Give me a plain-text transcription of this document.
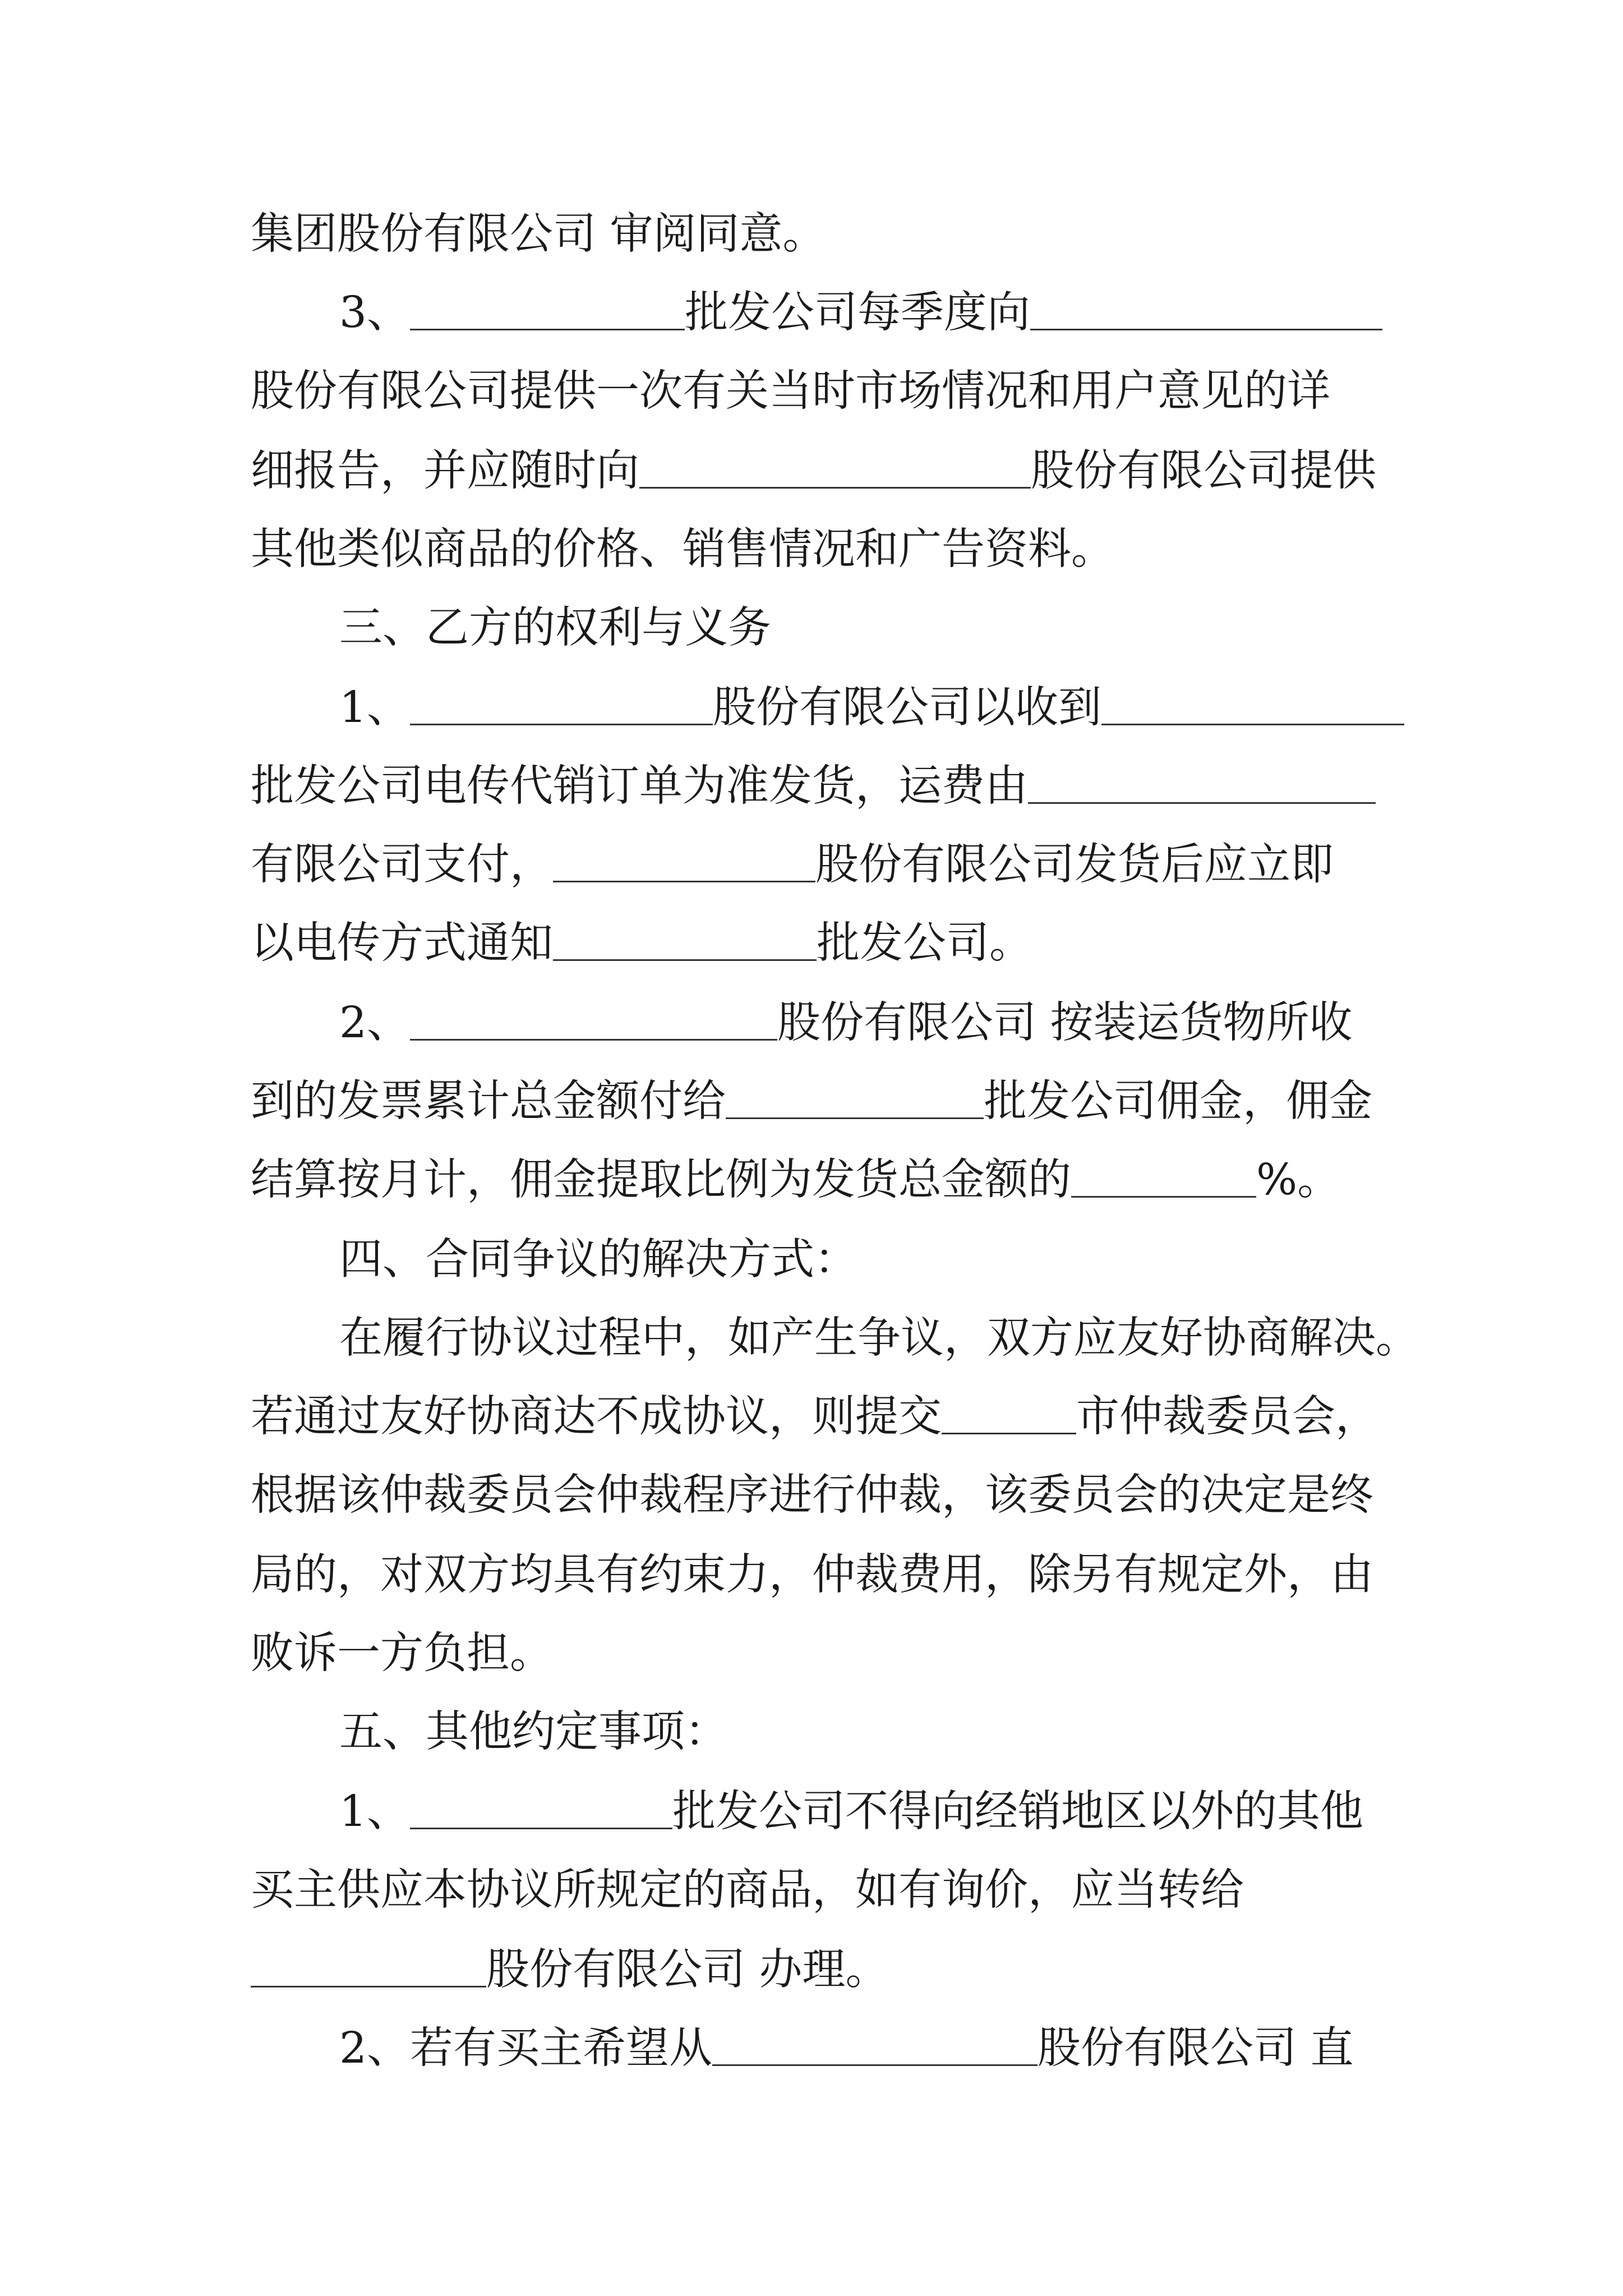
集团股份有限公司 审阅同意。
3、	批发公司每季度向
股份有限公司提供一次有关当时市场情况和用户意见的详
细报告，并应随时向	股份有限公司提供
其他类似商品的价格、销售情况和广告资料。
三、乙方的权利与义务
1、	股份有限公司以收到
批发公司电传代销订单为准发货，运费由
有限公司支付，	股份有限公司发货后应立即
以电传方式通知	批发公司。
2、	股份有限公司 按装运货物所收
到的发票累计总金额付给	批发公司佣金，佣金
结算按月计，佣金提取比例为发货总金额的	%。
四、合同争议的解决方式：
在履行协议过程中，如产生争议，双方应友好协商解决。
若通过友好协商达不成协议，则提交	市仲裁委员会，
根据该仲裁委员会仲裁程序进行仲裁，该委员会的决定是终
局的，对双方均具有约束力，仲裁费用，除另有规定外，由
败诉一方负担。
五、其他约定事项：
1、	批发公司不得向经销地区以外的其他
买主供应本协议所规定的商品，如有询价，应当转给
股份有限公司 办理。
2、若有买主希望从	股份有限公司 直
